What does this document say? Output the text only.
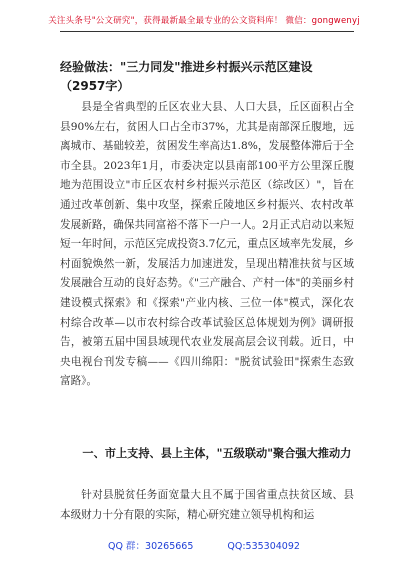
关注头条号"公文研究"，获得最新最全最专业的公文资料库！ 微信：gongwenyj
经验做法："三力同发"推进乡村振兴示范区建设（2957字）

县是全省典型的丘区农业大县、人口大县，丘区面积占全县90%左右，贫困人口占全市37%，尤其是南部深丘腹地，远离城市、基础较差，贫困发生率高达1.8%，发展整体滞后于全市全县。2023年1月，市委决定以县南部100平方公里深丘腹地为范围设立"市丘区农村乡村振兴示范区（综改区）"，旨在通过改革创新、集中攻坚，探索丘陵地区乡村振兴、农村改革发展新路，确保共同富裕不落下一户一人。2月正式启动以来短短一年时间，示范区完成投资3.7亿元，重点区域率先发展，乡村面貌焕然一新，发展活力加速迸发，呈现出精准扶贫与区域发展融合互动的良好态势。《"三产融合、产村一体"的美丽乡村建设模式探索》和《探索"产业内核、三位一体"模式，深化农村综合改革—以市农村综合改革试验区总体规划为例》调研报告，被第五届中国县域现代农业发展高层会议刊载。近日，中央电视台刊发专稿——《四川绵阳："脱贫试验田"探索生态致富路》。

一、市上支持、县上主体，"五级联动"聚合强大推动力

针对县脱贫任务面宽量大且不属于国省重点扶贫区域、县本级财力十分有限的实际，精心研究建立领导机构和运

QQ 群：30265665	QQ:535304092
